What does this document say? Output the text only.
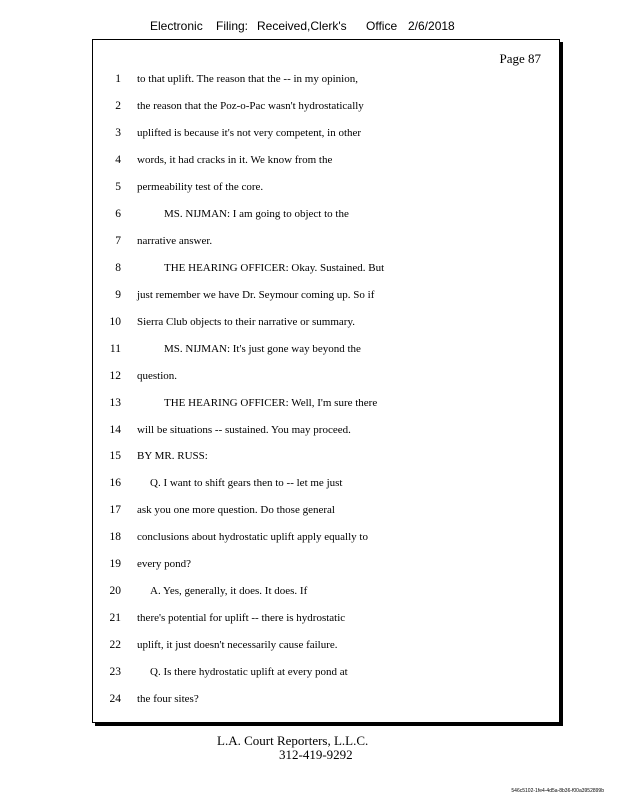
Electronic Filing: Received,Clerk's Office 2/6/2018
Page 87
1 to that uplift. The reason that the -- in my opinion,
2 the reason that the Poz-o-Pac wasn't hydrostatically
3 uplifted is because it's not very competent, in other
4 words, it had cracks in it. We know from the
5 permeability test of the core.
6	MS. NIJMAN: I am going to object to the
7 narrative answer.
8	THE HEARING OFFICER: Okay. Sustained. But
9 just remember we have Dr. Seymour coming up. So if
10 Sierra Club objects to their narrative or summary.
11	MS. NIJMAN: It's just gone way beyond the
12 question.
13	THE HEARING OFFICER: Well, I'm sure there
14 will be situations -- sustained. You may proceed.
15 BY MR. RUSS:
16	Q. I want to shift gears then to -- let me just
17 ask you one more question. Do those general
18 conclusions about hydrostatic uplift apply equally to
19 every pond?
20	A. Yes, generally, it does. It does. If
21 there's potential for uplift -- there is hydrostatic
22 uplift, it just doesn't necessarily cause failure.
23	Q. Is there hydrostatic uplift at every pond at
24 the four sites?
L.A. Court Reporters, L.L.C.
312-419-9292
546c5102-1fe4-4d5a-8b36-f00a3952899b
